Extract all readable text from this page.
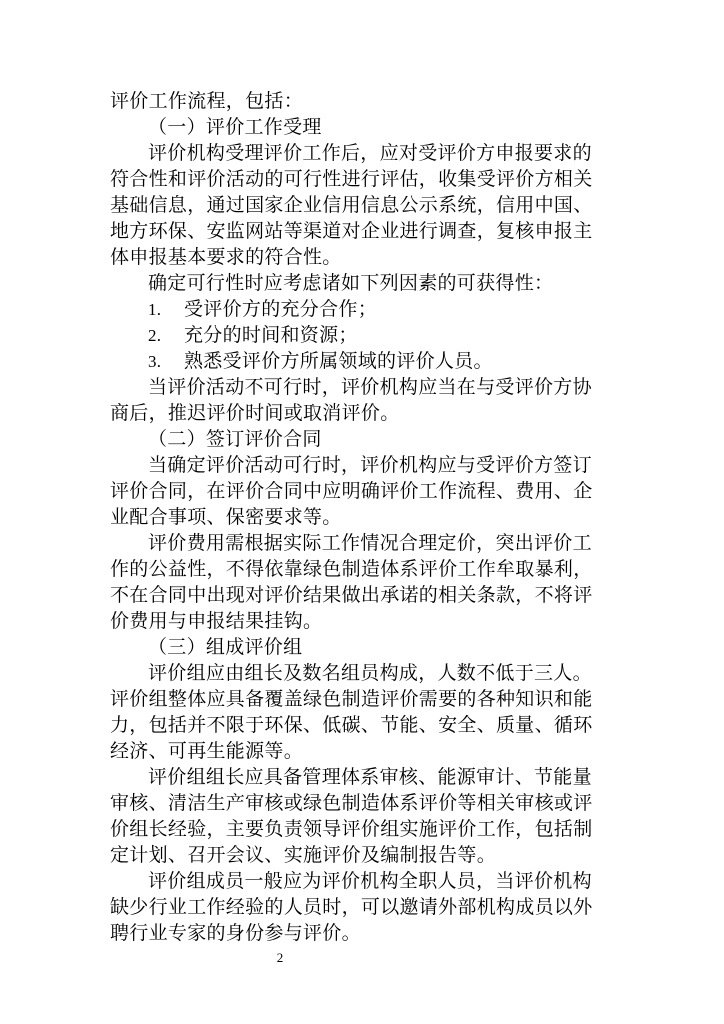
评价工作流程，包括：
（一）评价工作受理
评价机构受理评价工作后，应对受评价方申报要求的
符合性和评价活动的可行性进行评估，收集受评价方相关
基础信息，通过国家企业信用信息公示系统，信用中国、
地方环保、安监网站等渠道对企业进行调查，复核申报主
体申报基本要求的符合性。
确定可行性时应考虑诸如下列因素的可获得性：
1. 受评价方的充分合作；
2. 充分的时间和资源；
3. 熟悉受评价方所属领域的评价人员。
当评价活动不可行时，评价机构应当在与受评价方协
商后，推迟评价时间或取消评价。
（二）签订评价合同
当确定评价活动可行时，评价机构应与受评价方签订
评价合同，在评价合同中应明确评价工作流程、费用、企
业配合事项、保密要求等。
评价费用需根据实际工作情况合理定价，突出评价工
作的公益性，不得依靠绿色制造体系评价工作牟取暴利，
不在合同中出现对评价结果做出承诺的相关条款，不将评
价费用与申报结果挂钩。
（三）组成评价组
评价组应由组长及数名组员构成，人数不低于三人。
评价组整体应具备覆盖绿色制造评价需要的各种知识和能
力，包括并不限于环保、低碳、节能、安全、质量、循环
经济、可再生能源等。
评价组组长应具备管理体系审核、能源审计、节能量
审核、清洁生产审核或绿色制造体系评价等相关审核或评
价组长经验，主要负责领导评价组实施评价工作，包括制
定计划、召开会议、实施评价及编制报告等。
评价组成员一般应为评价机构全职人员，当评价机构
缺少行业工作经验的人员时，可以邀请外部机构成员以外
聘行业专家的身份参与评价。
2
